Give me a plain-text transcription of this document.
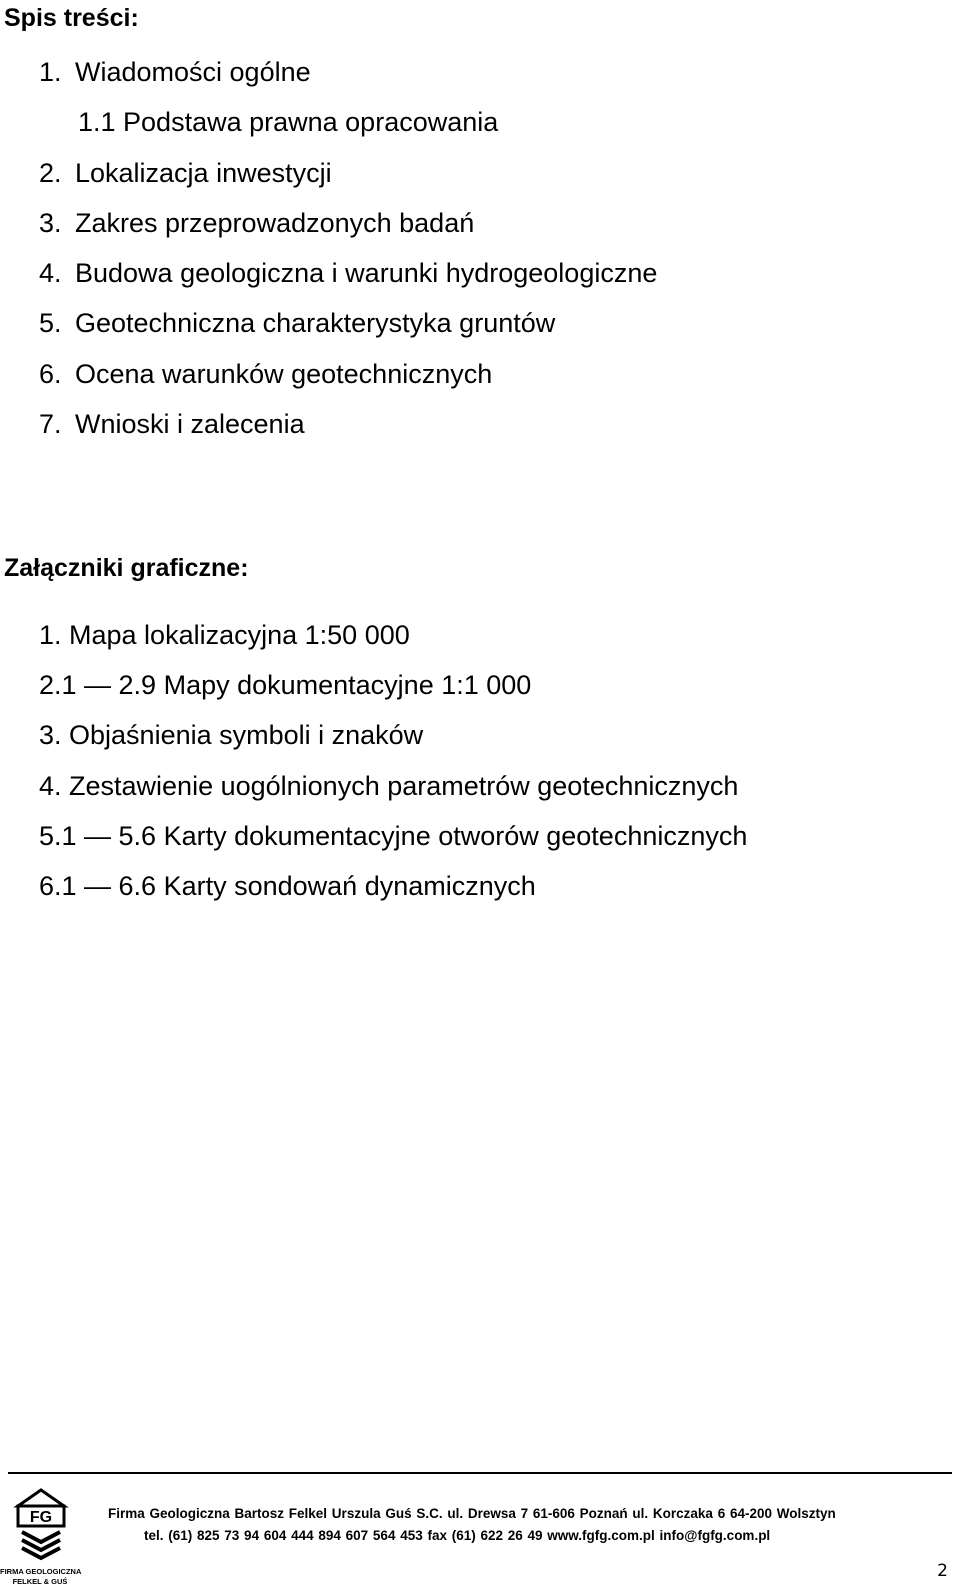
Spis treści:
1. Wiadomości ogólne
1.1 Podstawa prawna opracowania
2. Lokalizacja inwestycji
3. Zakres przeprowadzonych badań
4. Budowa geologiczna i warunki hydrogeologiczne
5. Geotechniczna charakterystyka gruntów
6. Ocena warunków geotechnicznych
7. Wnioski i zalecenia
Załączniki graficzne:
1. Mapa lokalizacyjna 1:50 000
2.1 — 2.9 Mapy dokumentacyjne 1:1 000
3. Objaśnienia symboli i znaków
4. Zestawienie uogólnionych parametrów geotechnicznych
5.1 — 5.6 Karty dokumentacyjne otworów geotechnicznych
6.1 — 6.6 Karty sondowań dynamicznych
FG
FIRMA GEOLOGICZNA
FELKEL & GUŚ
Firma Geologiczna Bartosz Felkel Urszula Guś S.C. ul. Drewsa 7 61-606 Poznań ul. Korczaka 6 64-200 Wolsztyn
tel. (61) 825 73 94 604 444 894 607 564 453 fax (61) 622 26 49 www.fgfg.com.pl info@fgfg.com.pl
2
